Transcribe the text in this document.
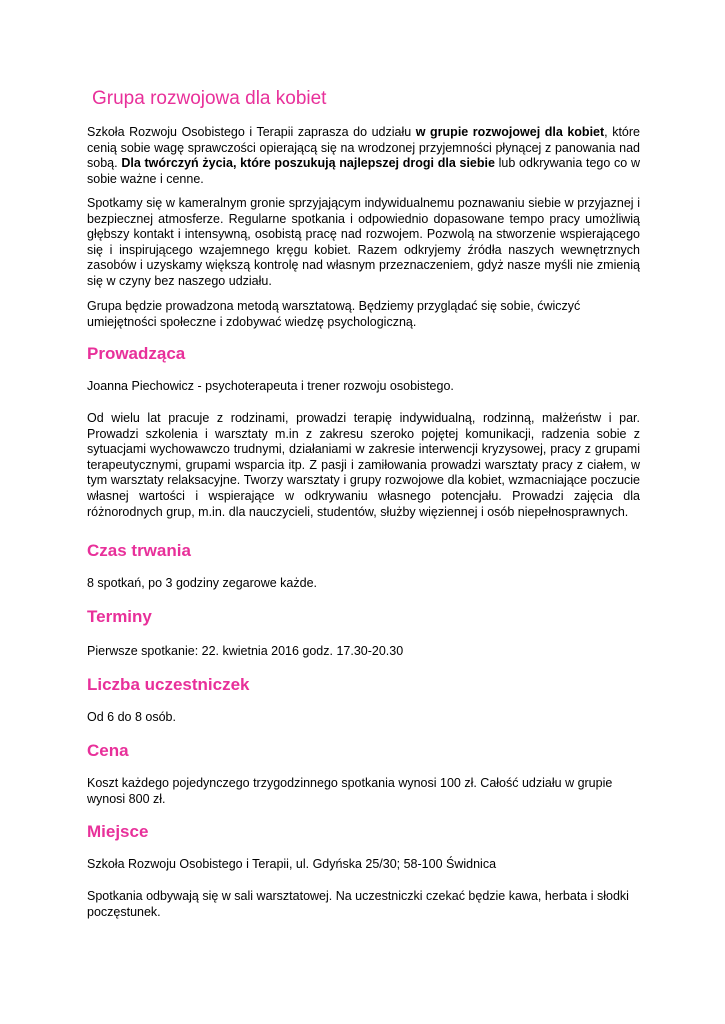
Grupa rozwojowa dla kobiet

Szkoła Rozwoju Osobistego i Terapii zaprasza do udziału w grupie rozwojowej dla kobiet, które cenią sobie wagę sprawczości opierającą się na wrodzonej przyjemności płynącej z panowania nad sobą. Dla twórczyń życia, które poszukują najlepszej drogi dla siebie lub odkrywania tego co w sobie ważne i cenne.

Spotkamy się w kameralnym gronie sprzyjającym indywidualnemu poznawaniu siebie w przyjaznej i bezpiecznej atmosferze. Regularne spotkania i odpowiednio dopasowane tempo pracy umożliwią głębszy kontakt i intensywną, osobistą pracę nad rozwojem. Pozwolą na stworzenie wspierającego się i inspirującego wzajemnego kręgu kobiet. Razem odkryjemy źródła naszych wewnętrznych zasobów i uzyskamy większą kontrolę nad własnym przeznaczeniem, gdyż nasze myśli nie zmienią się w czyny bez naszego udziału.

Grupa będzie prowadzona metodą warsztatową. Będziemy przyglądać się sobie, ćwiczyć umiejętności społeczne i zdobywać wiedzę psychologiczną.

Prowadząca

Joanna Piechowicz - psychoterapeuta i trener rozwoju osobistego.

Od wielu lat pracuje z rodzinami, prowadzi terapię indywidualną, rodzinną, małżeństw i par. Prowadzi szkolenia i warsztaty m.in z zakresu szeroko pojętej komunikacji, radzenia sobie z sytuacjami wychowawczo trudnymi, działaniami w zakresie interwencji kryzysowej, pracy z grupami terapeutycznymi, grupami wsparcia itp. Z pasji i zamiłowania prowadzi warsztaty pracy z ciałem, w tym warsztaty relaksacyjne. Tworzy warsztaty i grupy rozwojowe dla kobiet, wzmacniające poczucie własnej wartości i wspierające w odkrywaniu własnego potencjału. Prowadzi zajęcia dla różnorodnych grup, m.in. dla nauczycieli, studentów, służby więziennej i osób niepełnosprawnych.

Czas trwania

8 spotkań, po 3 godziny zegarowe każde.

Terminy

Pierwsze spotkanie: 22. kwietnia 2016 godz. 17.30-20.30

Liczba uczestniczek

Od 6 do 8 osób.

Cena

Koszt każdego pojedynczego trzygodzinnego spotkania wynosi 100 zł. Całość udziału w grupie wynosi 800 zł.

Miejsce

Szkoła Rozwoju Osobistego i Terapii, ul. Gdyńska 25/30; 58-100 Świdnica

Spotkania odbywają się w sali warsztatowej. Na uczestniczki czekać będzie kawa, herbata i słodki poczęstunek.
